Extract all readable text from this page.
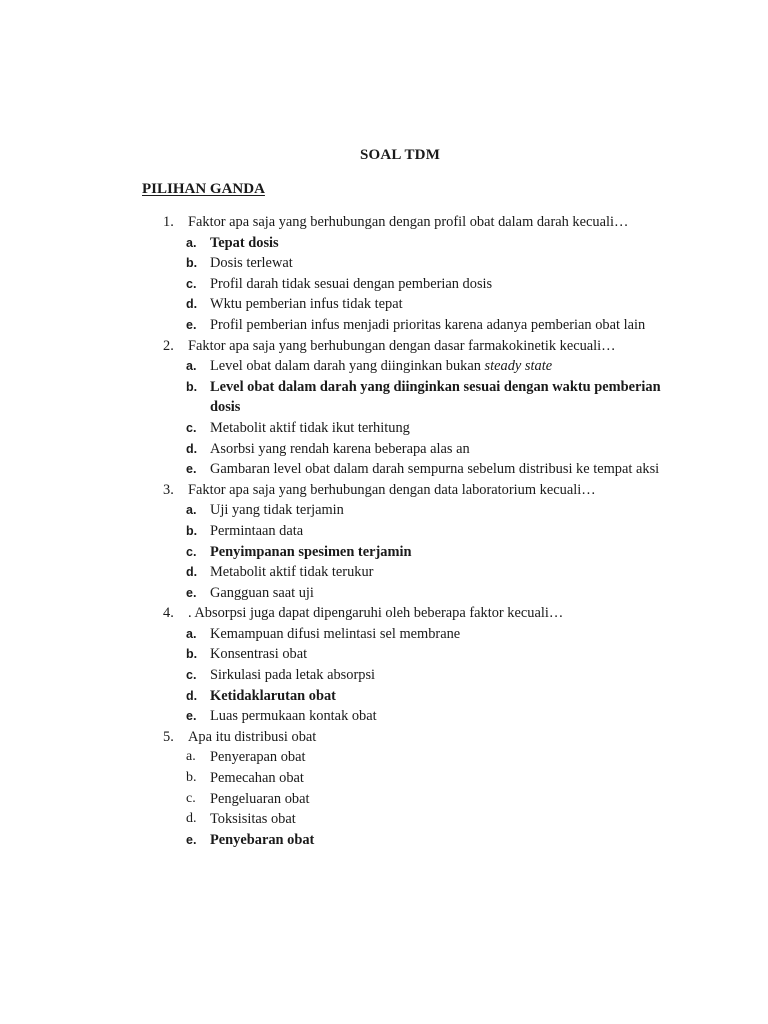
SOAL TDM
PILIHAN GANDA
1. Faktor apa saja yang berhubungan dengan profil obat dalam darah kecuali…
a. Tepat dosis
b. Dosis terlewat
c. Profil darah tidak sesuai dengan pemberian dosis
d. Wktu pemberian infus tidak tepat
e. Profil pemberian infus menjadi prioritas karena adanya pemberian obat lain
2. Faktor apa saja yang berhubungan dengan dasar farmakokinetik kecuali…
a. Level obat dalam darah yang diinginkan bukan steady state
b. Level obat dalam darah yang diinginkan sesuai dengan waktu pemberian dosis
c. Metabolit aktif tidak ikut terhitung
d. Asorbsi yang rendah karena beberapa alas an
e. Gambaran level obat dalam darah sempurna sebelum distribusi ke tempat aksi
3. Faktor apa saja yang berhubungan dengan data laboratorium kecuali…
a. Uji yang tidak terjamin
b. Permintaan data
c. Penyimpanan spesimen terjamin
d. Metabolit aktif tidak terukur
e. Gangguan saat uji
4. . Absorpsi juga dapat dipengaruhi oleh beberapa faktor kecuali…
a. Kemampuan difusi melintasi sel membrane
b. Konsentrasi obat
c. Sirkulasi pada letak absorpsi
d. Ketidaklarutan obat
e. Luas permukaan kontak obat
5. Apa itu distribusi obat
a. Penyerapan obat
b. Pemecahan obat
c. Pengeluaran obat
d. Toksisitas obat
e. Penyebaran obat
